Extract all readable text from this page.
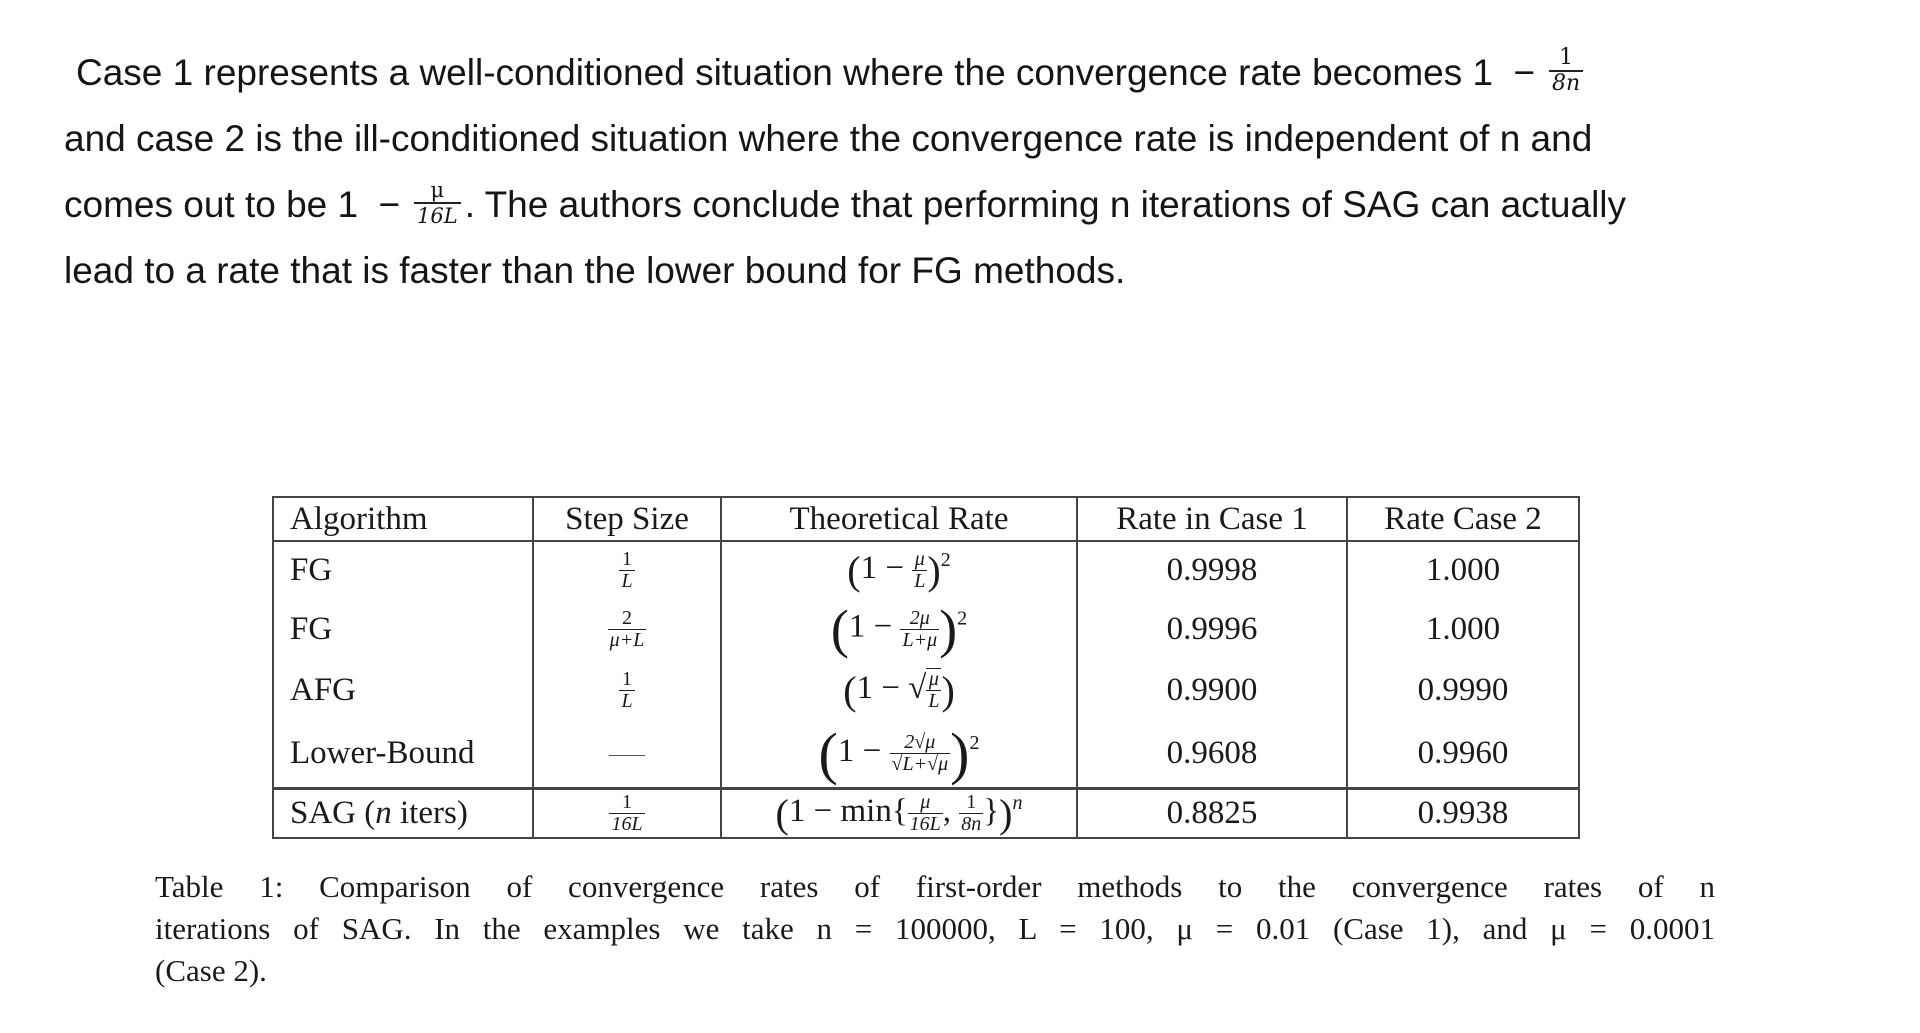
Case 1 represents a well-conditioned situation where the convergence rate becomes $1 - \frac{1}{8n}$
and case 2 is the ill-conditioned situation where the convergence rate is independent of n and
comes out to be $1 - \frac{\mu}{16L}$ . The authors conclude that performing n iterations of SAG can actually
lead to a rate that is faster than the lower bound for FG methods.
Algorithm	Step Size	Theoretical Rate	Rate in Case 1	Rate Case 2
FG	$\frac{1}{L}$	$(1 - \frac{\mu}{L} )^2$	0.9998	1.000
FG	$\frac{2}{\mu+L}$	$(1 - \frac{2\mu}{L+\mu} )^2$	0.9996	1.000
AFG	$\frac{1}{L}$	(1 − √ $\frac{\mu}{L}$ )	0.9900	0.9990
Lower-Bound		$(1 - \frac{2√\mu}{√L+√\mu} )^2$	0.9608	0.9960
SAG (n iters)	$\frac{1}{16L}$	($1 - \min\{ \frac{\mu}{16L}$ , $\frac{1}{8n} \})^n$	0.8825	0.9938
Table 1: Comparison of convergence rates of first-order methods to the convergence rates of n
iterations of SAG. In the examples we take n = 100000, L = 100, μ = 0.01 (Case 1), and μ = 0.0001
(Case 2).
